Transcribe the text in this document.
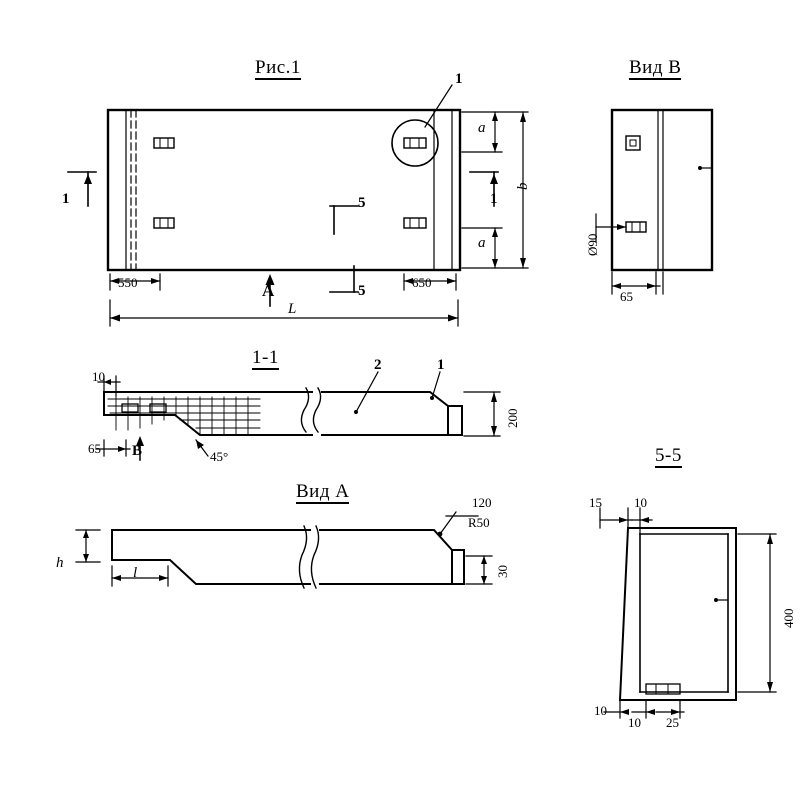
Рис.1	Вид В
1-1
Вид А
5-5
1
1	1
5
5
А
550	650
L
a
a
b
Ø90
65
10
65 B	45°
2	1
200
h
l
120
R50
30
15 10
400
10
10 25
